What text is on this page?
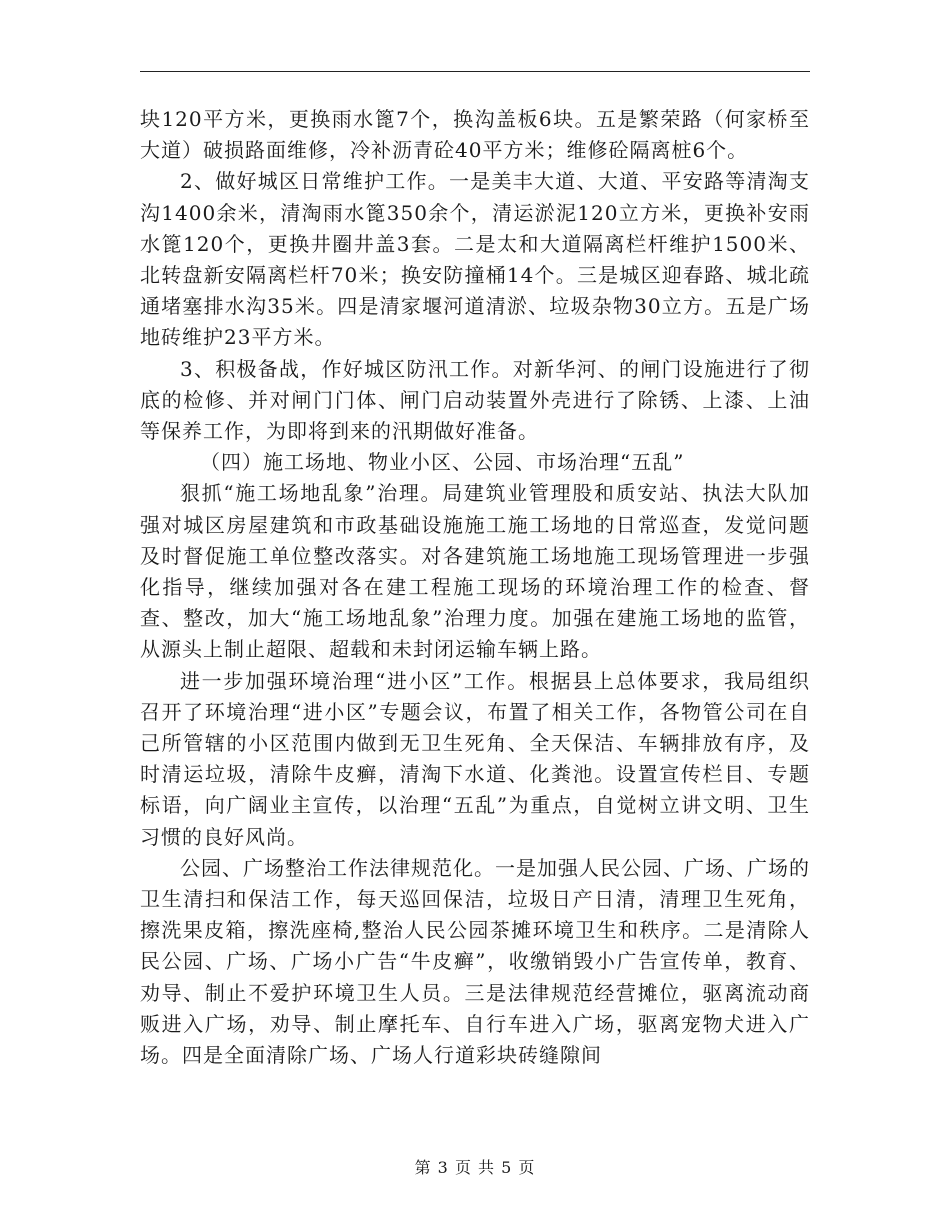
块120平方米，更换雨水篦7个，换沟盖板6块。五是繁荣路（何家桥至大道）破损路面维修，冷补沥青砼40平方米；维修砼隔离桩6个。

2、做好城区日常维护工作。一是美丰大道、大道、平安路等清淘支沟1400余米，清淘雨水篦350余个，清运淤泥120立方米，更换补安雨水篦120个，更换井圈井盖3套。二是太和大道隔离栏杆维护1500米、北转盘新安隔离栏杆70米；换安防撞桶14个。三是城区迎春路、城北疏通堵塞排水沟35米。四是清家堰河道清淤、垃圾杂物30立方。五是广场地砖维护23平方米。

3、积极备战，作好城区防汛工作。对新华河、的闸门设施进行了彻底的检修、并对闸门门体、闸门启动装置外壳进行了除锈、上漆、上油等保养工作，为即将到来的汛期做好准备。

（四）施工场地、物业小区、公园、市场治理“五乱”

狠抓“施工场地乱象”治理。局建筑业管理股和质安站、执法大队加强对城区房屋建筑和市政基础设施施工施工场地的日常巡查，发觉问题及时督促施工单位整改落实。对各建筑施工场地施工现场管理进一步强化指导，继续加强对各在建工程施工现场的环境治理工作的检查、督查、整改，加大“施工场地乱象”治理力度。加强在建施工场地的监管，从源头上制止超限、超载和未封闭运输车辆上路。

进一步加强环境治理“进小区”工作。根据县上总体要求，我局组织召开了环境治理“进小区”专题会议，布置了相关工作，各物管公司在自己所管辖的小区范围内做到无卫生死角、全天保洁、车辆排放有序，及时清运垃圾，清除牛皮癣，清淘下水道、化粪池。设置宣传栏目、专题标语，向广阔业主宣传，以治理“五乱”为重点，自觉树立讲文明、卫生习惯的良好风尚。

公园、广场整治工作法律规范化。一是加强人民公园、广场、广场的卫生清扫和保洁工作，每天巡回保洁，垃圾日产日清，清理卫生死角，擦洗果皮箱，擦洗座椅,整治人民公园茶摊环境卫生和秩序。二是清除人民公园、广场、广场小广告“牛皮癣”，收缴销毁小广告宣传单，教育、劝导、制止不爱护环境卫生人员。三是法律规范经营摊位，驱离流动商贩进入广场，劝导、制止摩托车、自行车进入广场，驱离宠物犬进入广场。四是全面清除广场、广场人行道彩块砖缝隙间

第 3 页 共 5 页
